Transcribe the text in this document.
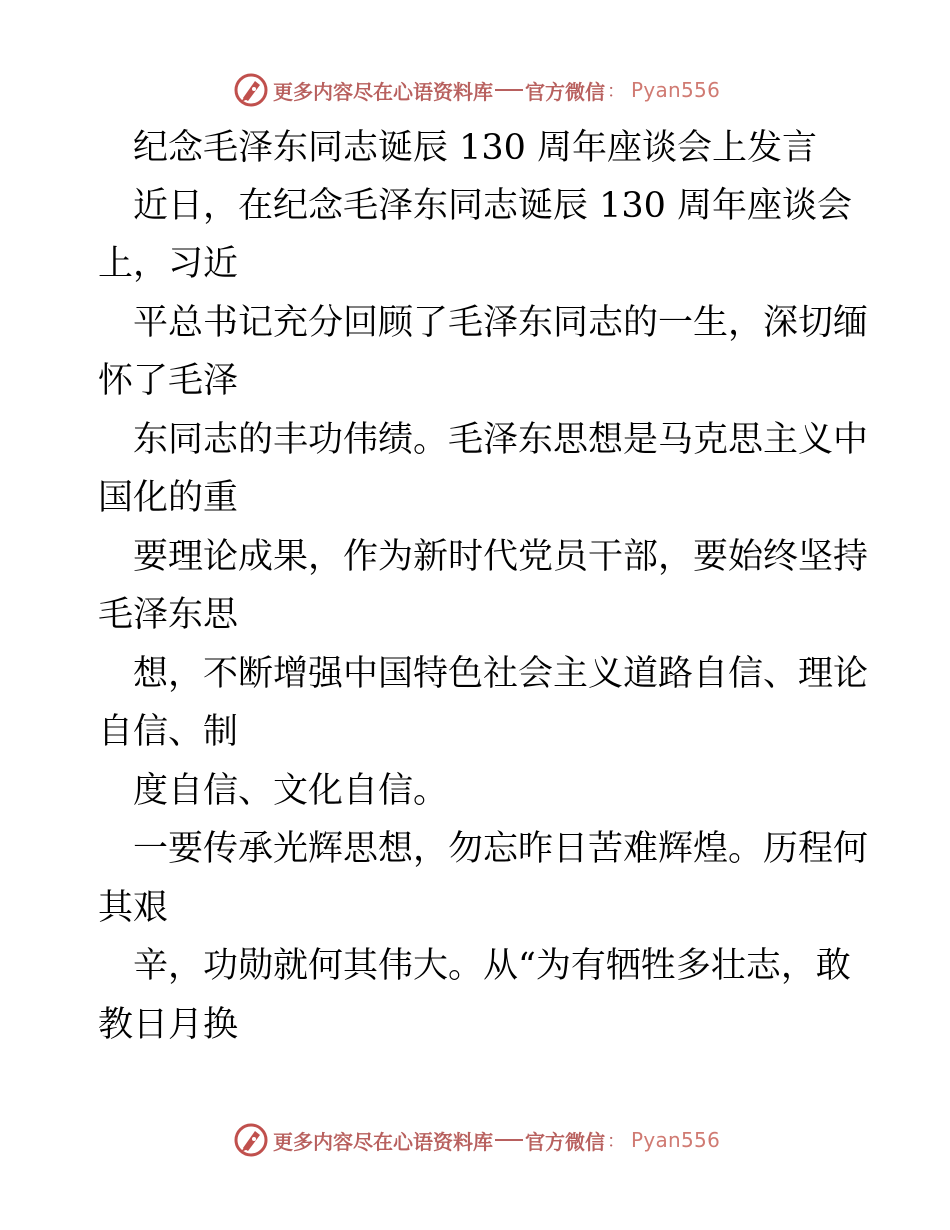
更多内容尽在心语资料库 官方微信 ： Pyan556
纪念毛泽东同志诞辰 130 周年座谈会上发言
近日，在纪念毛泽东同志诞辰 130 周年座谈会
上，习近
平总书记充分回顾了毛泽东同志的一生，深切缅
怀了毛泽
东同志的丰功伟绩。毛泽东思想是马克思主义中
国化的重
要理论成果，作为新时代党员干部，要始终坚持
毛泽东思
想，不断增强中国特色社会主义道路自信、理论
自信、制
度自信、文化自信。
一要传承光辉思想，勿忘昨日苦难辉煌。历程何
其艰
辛，功勋就何其伟大。从“为有牺牲多壮志，敢
教日月换
更多内容尽在心语资料库 官方微信 ： Pyan556
